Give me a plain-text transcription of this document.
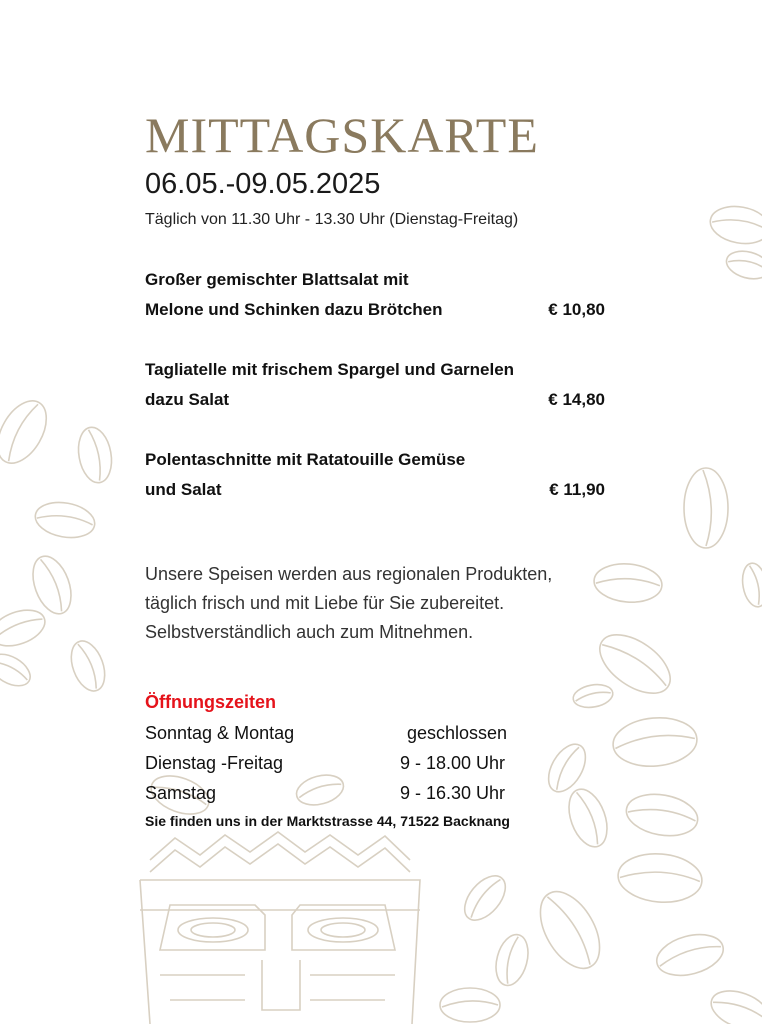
MITTAGSKARTE
06.05.-09.05.2025
Täglich von 11.30 Uhr - 13.30 Uhr (Dienstag-Freitag)
Großer gemischter Blattsalat mit
Melone und Schinken dazu Brötchen	€ 10,80
Tagliatelle mit frischem Spargel und Garnelen
dazu Salat	€ 14,80
Polentaschnitte mit Ratatouille Gemüse
und Salat	€ 11,90
Unsere Speisen werden aus regionalen Produkten,
täglich frisch und mit Liebe für Sie zubereitet.
Selbstverständlich auch zum Mitnehmen.
Öffnungszeiten
Sonntag & Montag	geschlossen
Dienstag -Freitag	9 - 18.00 Uhr
Samstag	9 - 16.30 Uhr
Sie finden uns in der Marktstrasse 44, 71522 Backnang
